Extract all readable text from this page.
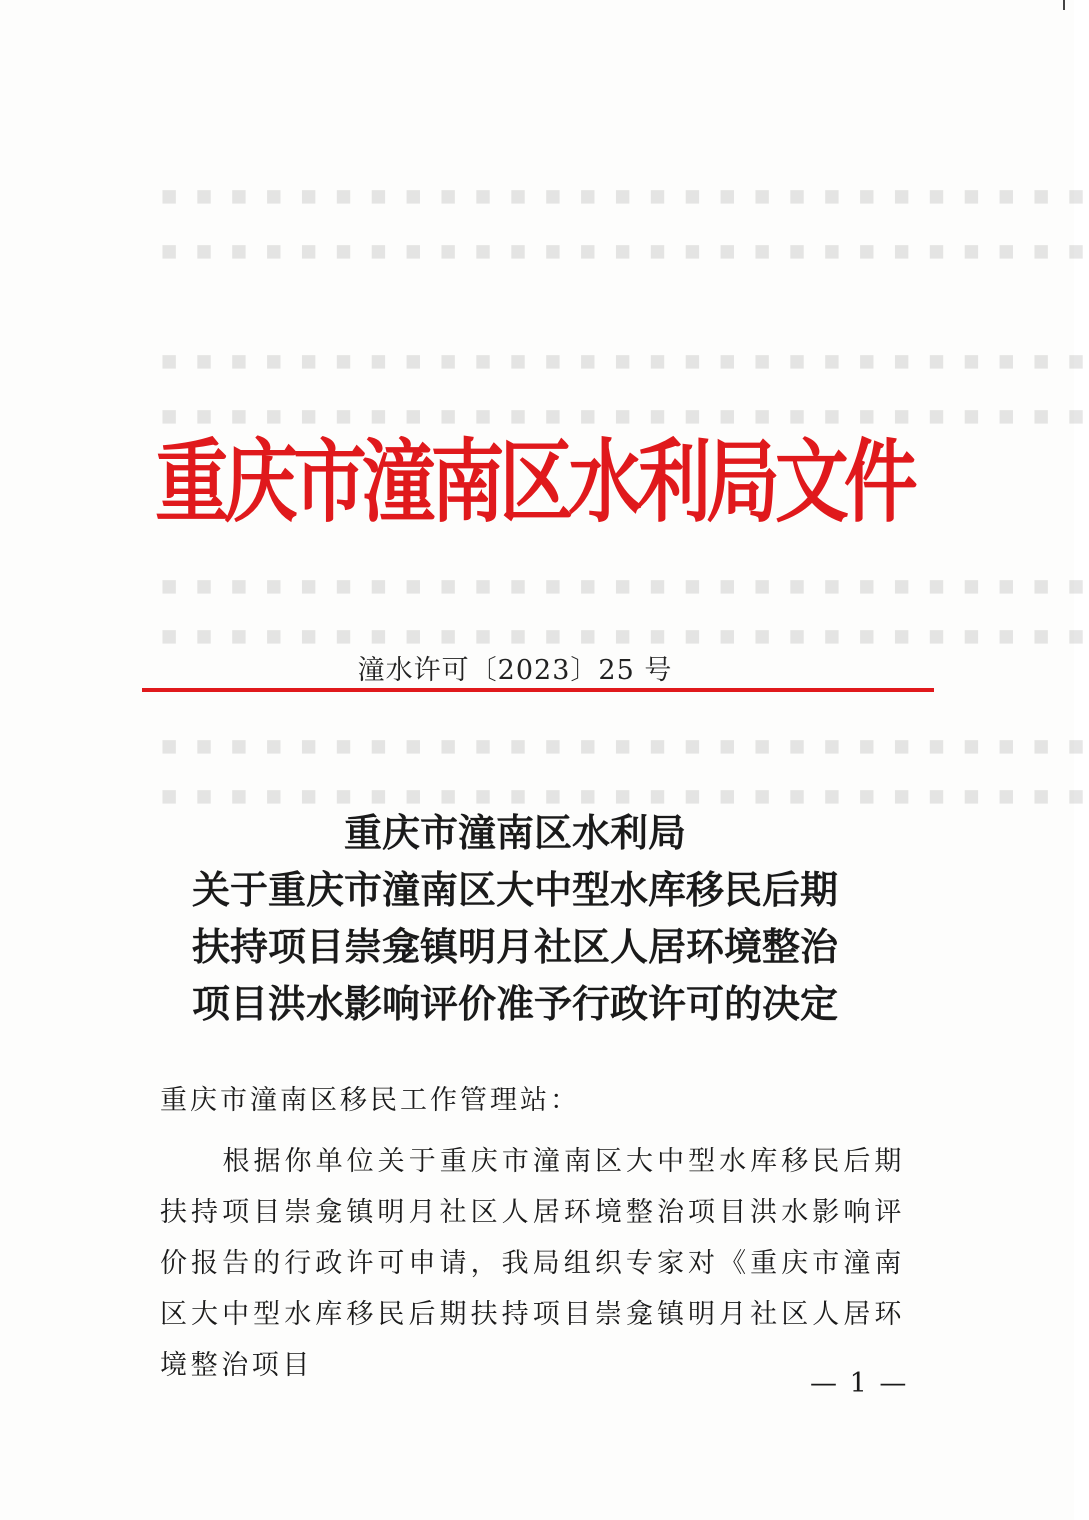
▪ ▪ ▪ ▪ ▪ ▪ ▪ ▪ ▪ ▪ ▪ ▪ ▪ ▪ ▪ ▪ ▪ ▪ ▪ ▪ ▪ ▪ ▪ ▪ ▪ ▪ ▪
▪ ▪ ▪ ▪ ▪ ▪ ▪ ▪ ▪ ▪ ▪ ▪ ▪ ▪ ▪ ▪ ▪ ▪ ▪ ▪ ▪ ▪ ▪ ▪ ▪ ▪ ▪
▪ ▪ ▪ ▪ ▪ ▪ ▪ ▪ ▪ ▪ ▪ ▪ ▪ ▪ ▪ ▪ ▪ ▪ ▪ ▪ ▪ ▪ ▪ ▪ ▪ ▪ ▪
▪ ▪ ▪ ▪ ▪ ▪ ▪ ▪ ▪ ▪ ▪ ▪ ▪ ▪ ▪ ▪ ▪ ▪ ▪ ▪ ▪ ▪ ▪ ▪ ▪ ▪ ▪
▪ ▪ ▪ ▪ ▪ ▪ ▪ ▪ ▪ ▪ ▪ ▪ ▪ ▪ ▪ ▪ ▪ ▪ ▪ ▪ ▪ ▪ ▪ ▪ ▪ ▪ ▪
▪ ▪ ▪ ▪ ▪ ▪ ▪ ▪ ▪ ▪ ▪ ▪ ▪ ▪ ▪ ▪ ▪ ▪ ▪ ▪ ▪ ▪ ▪ ▪ ▪ ▪ ▪
▪ ▪ ▪ ▪ ▪ ▪ ▪ ▪ ▪ ▪ ▪ ▪ ▪ ▪ ▪ ▪ ▪ ▪ ▪ ▪ ▪ ▪ ▪ ▪ ▪ ▪ ▪
▪ ▪ ▪ ▪ ▪ ▪ ▪ ▪ ▪ ▪ ▪ ▪ ▪ ▪ ▪ ▪ ▪ ▪ ▪ ▪ ▪ ▪ ▪ ▪ ▪ ▪ ▪
重庆市潼南区水利局文件
潼水许可〔2023〕25 号
重庆市潼南区水利局
关于重庆市潼南区大中型水库移民后期
扶持项目崇龛镇明月社区人居环境整治
项目洪水影响评价准予行政许可的决定
重庆市潼南区移民工作管理站：
根据你单位关于重庆市潼南区大中型水库移民后期扶持项目崇龛镇明月社区人居环境整治项目洪水影响评价报告的行政许可申请，我局组织专家对《重庆市潼南区大中型水库移民后期扶持项目崇龛镇明月社区人居环境整治项目
— 1 —
